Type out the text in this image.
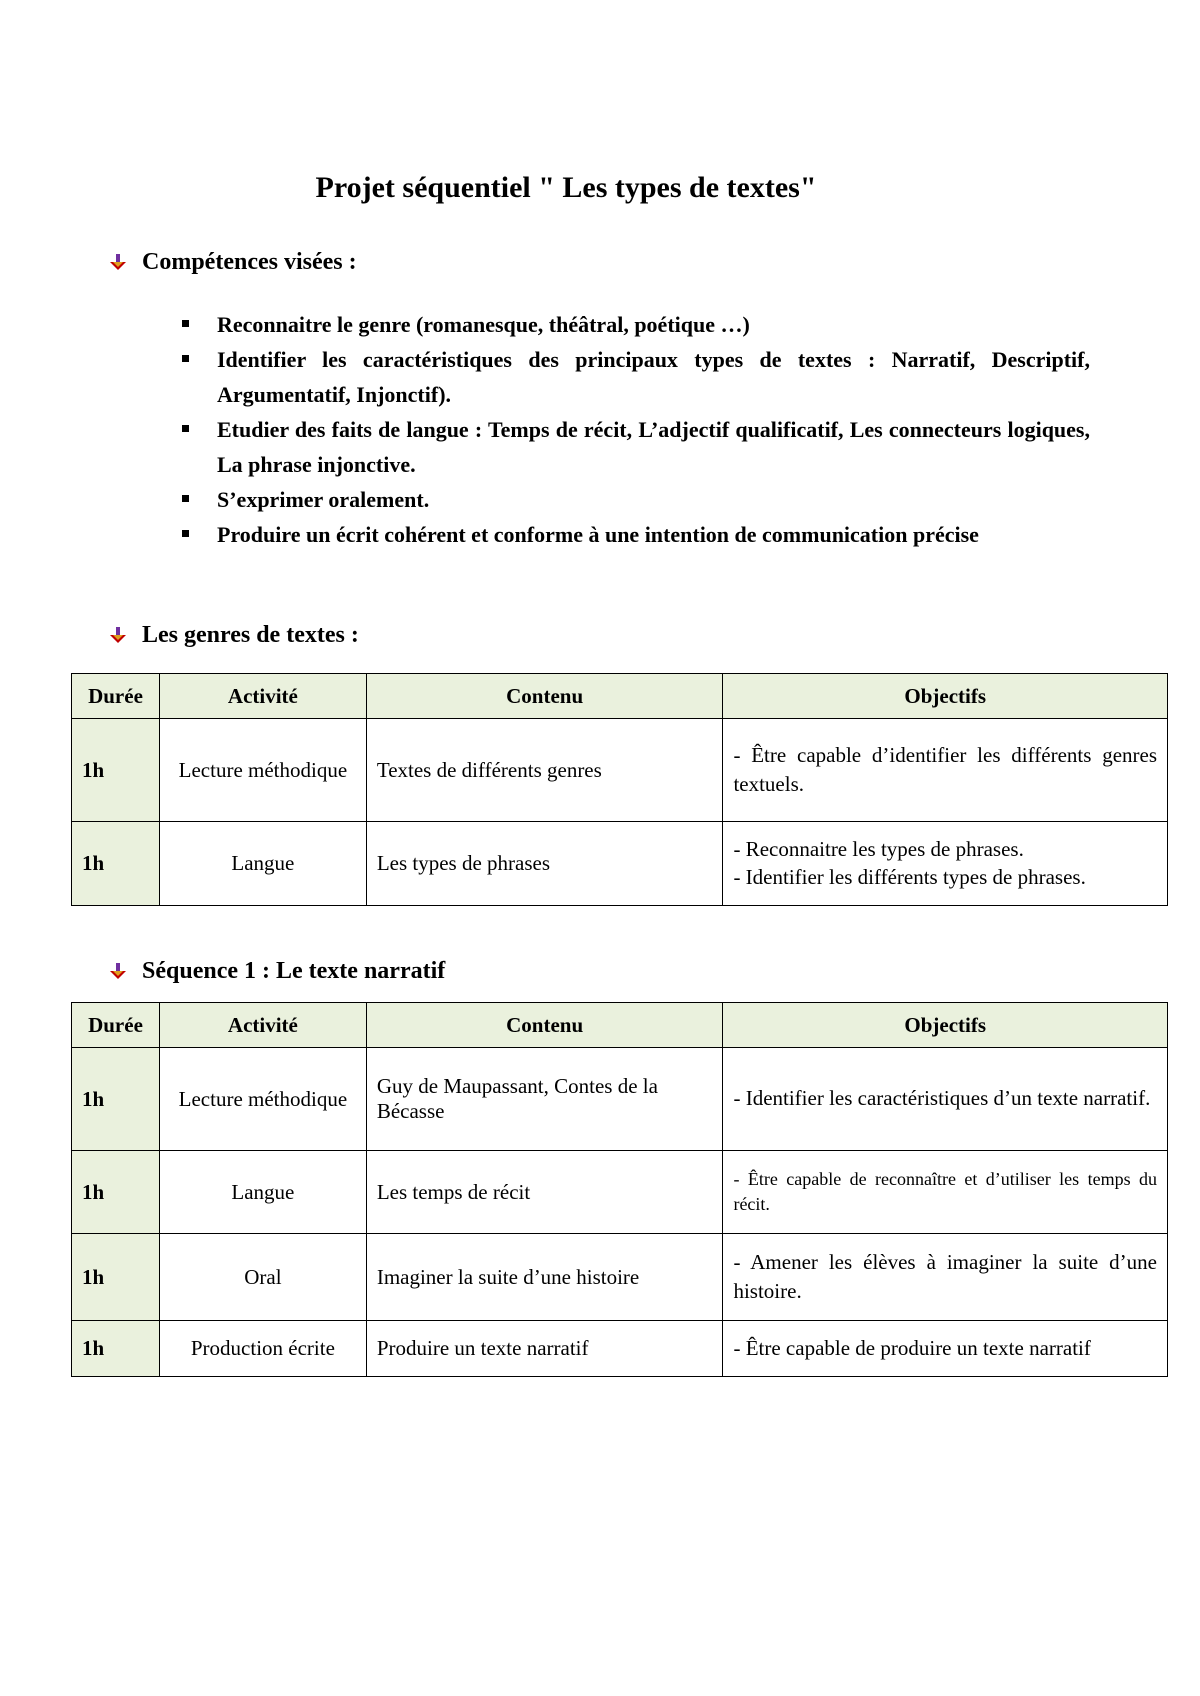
Projet séquentiel " Les types de textes"
Compétences visées :
Reconnaitre le genre (romanesque, théâtral, poétique …)
Identifier les caractéristiques des principaux types de textes : Narratif, Descriptif, Argumentatif, Injonctif).
Etudier des faits de langue : Temps de récit, L’adjectif qualificatif, Les connecteurs logiques, La phrase injonctive.
S’exprimer oralement.
Produire un écrit cohérent et conforme à une intention de communication précise
Les genres de textes :
Durée	Activité	Contenu	Objectifs
1h	Lecture méthodique	Textes de différents genres	- Être capable d’identifier les différents genres textuels.
1h	Langue	Les types de phrases	- Reconnaitre les types de phrases.
- Identifier les différents types de phrases.
Séquence 1 : Le texte narratif
Durée	Activité	Contenu	Objectifs
1h	Lecture méthodique	Guy de Maupassant, Contes de la Bécasse	- Identifier les caractéristiques d’un texte narratif.
1h	Langue	Les temps de récit	- Être capable de reconnaître et d’utiliser les temps du récit.
1h	Oral	Imaginer la suite d’une histoire	- Amener les élèves à imaginer la suite d’une histoire.
1h	Production écrite	Produire un texte narratif	- Être capable de produire un texte narratif
